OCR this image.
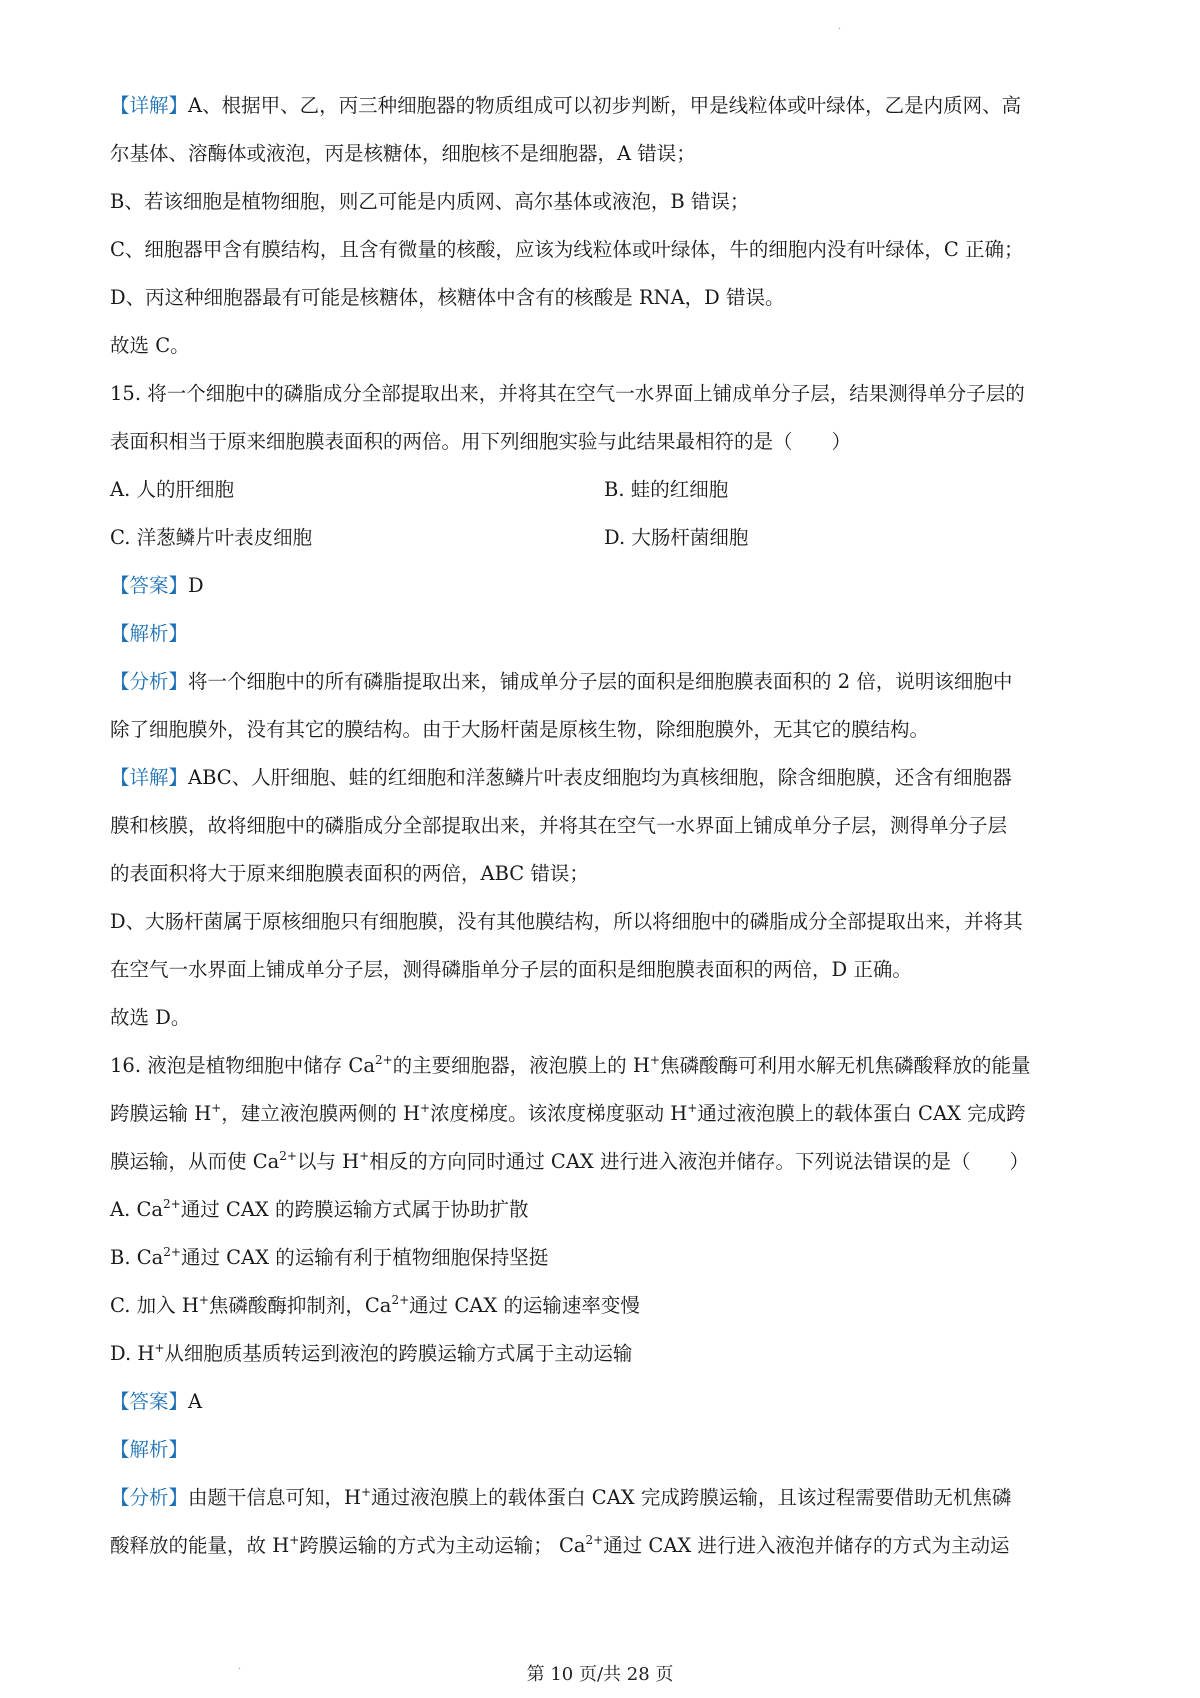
·
【详解】A、根据甲、乙，丙三种细胞器的物质组成可以初步判断，甲是线粒体或叶绿体，乙是内质网、高
尔基体、溶酶体或液泡，丙是核糖体，细胞核不是细胞器，A 错误；
B、若该细胞是植物细胞，则乙可能是内质网、高尔基体或液泡，B 错误；
C、细胞器甲含有膜结构，且含有微量的核酸，应该为线粒体或叶绿体，牛的细胞内没有叶绿体，C 正确；
D、丙这种细胞器最有可能是核糖体，核糖体中含有的核酸是 RNA，D 错误。
故选 C。
15. 将一个细胞中的磷脂成分全部提取出来，并将其在空气一水界面上铺成单分子层，结果测得单分子层的
表面积相当于原来细胞膜表面积的两倍。用下列细胞实验与此结果最相符的是（　　）
A. 人的肝细胞	B. 蛙的红细胞
C. 洋葱鳞片叶表皮细胞	D. 大肠杆菌细胞
【答案】D
【解析】
【分析】将一个细胞中的所有磷脂提取出来，铺成单分子层的面积是细胞膜表面积的 2 倍，说明该细胞中
除了细胞膜外，没有其它的膜结构。由于大肠杆菌是原核生物，除细胞膜外，无其它的膜结构。
【详解】ABC、人肝细胞、蛙的红细胞和洋葱鳞片叶表皮细胞均为真核细胞，除含细胞膜，还含有细胞器
膜和核膜，故将细胞中的磷脂成分全部提取出来，并将其在空气一水界面上铺成单分子层，测得单分子层
的表面积将大于原来细胞膜表面积的两倍，ABC 错误；
D、大肠杆菌属于原核细胞只有细胞膜，没有其他膜结构，所以将细胞中的磷脂成分全部提取出来，并将其
在空气一水界面上铺成单分子层，测得磷脂单分子层的面积是细胞膜表面积的两倍，D 正确。
故选 D。
16. 液泡是植物细胞中储存 $Ca^{2+}$的主要细胞器，液泡膜上的 H+焦磷酸酶可利用水解无机焦磷酸释放的能量
跨膜运输 H+，建立液泡膜两侧的 H+浓度梯度。该浓度梯度驱动 H+通过液泡膜上的载体蛋白 CAX 完成跨
膜运输，从而使 $Ca^{2+}$以与 H+相反的方向同时通过 CAX 进行进入液泡并储存。下列说法错误的是（　　）
A. $Ca^{2+}$通过 CAX 的跨膜运输方式属于协助扩散
B. $Ca^{2+}$通过 CAX 的运输有利于植物细胞保持坚挺
C. 加入 H+焦磷酸酶抑制剂，$Ca^{2+}$通过 CAX 的运输速率变慢
D. H+从细胞质基质转运到液泡的跨膜运输方式属于主动运输
【答案】A
【解析】
【分析】由题干信息可知，H+通过液泡膜上的载体蛋白 CAX 完成跨膜运输，且该过程需要借助无机焦磷
酸释放的能量，故 H+跨膜运输的方式为主动运输； $Ca^{2+}$通过 CAX 进行进入液泡并储存的方式为主动运
·	第 10 页/共 28 页
